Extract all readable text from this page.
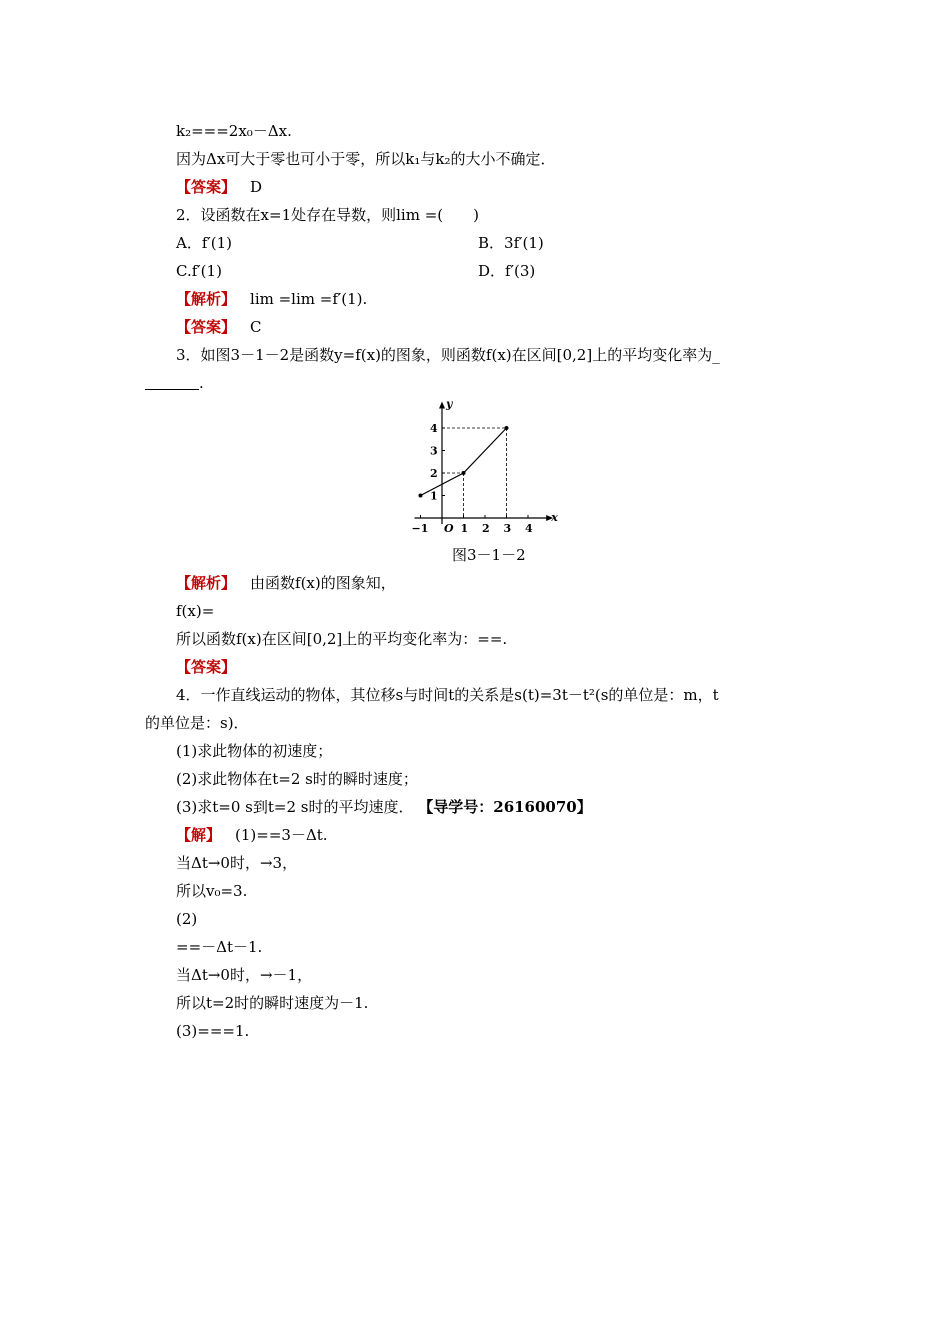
k₂===2x₀－Δx.
因为Δx可大于零也可小于零，所以k₁与k₂的大小不确定．
【答案】 D
2．设函数在x=1处存在导数，则lim =(　　)
A．f′(1)	B．3f′(1)
C.f′(1)	D．f′(3)
【解析】 lim =lim =f′(1).
【答案】 C
3．如图3－1－2是函数y=f(x)的图象，则函数f(x)在区间[0,2]上的平均变化率为_
.
x
y
O
−1	1 2 3 4
1
2
3
4
图3－1－2
【解析】 由函数f(x)的图象知，
f(x)=
所以函数f(x)在区间[0,2]上的平均变化率为：==.
【答案】
4．一作直线运动的物体，其位移s与时间t的关系是s(t)=3t－t²(s的单位是：m，t
的单位是：s)．
(1)求此物体的初速度；
(2)求此物体在t=2 s时的瞬时速度；
(3)求t=0 s到t=2 s时的平均速度． 【导学号：26160070】
【解】 (1)==3－Δt.
当Δt→0时，→3，
所以v₀=3.
(2)
==－Δt－1.
当Δt→0时，→－1，
所以t=2时的瞬时速度为－1.
(3)===1.
